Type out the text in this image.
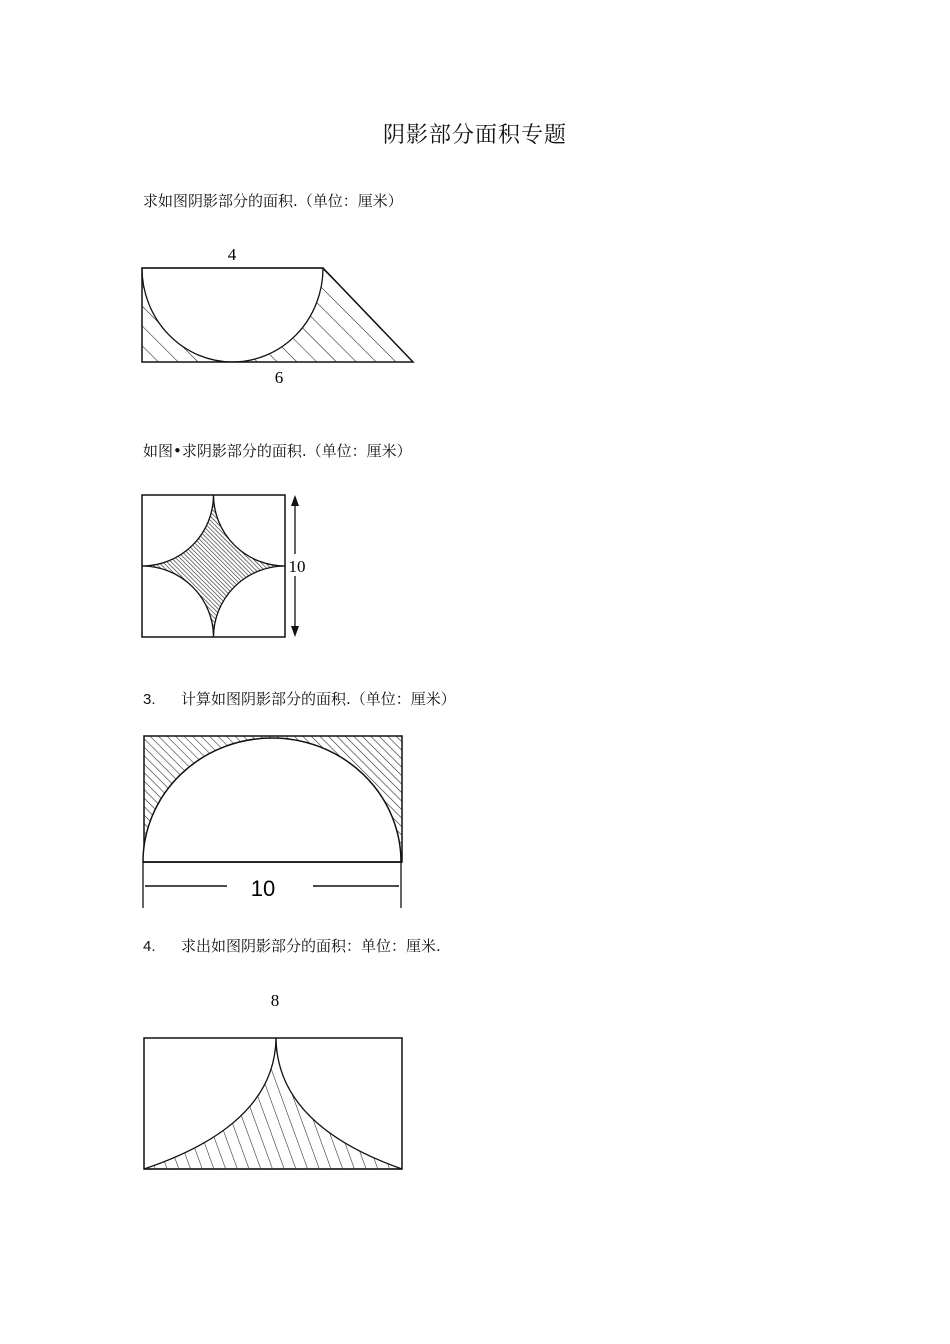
阴影部分面积专题
求如图阴影部分的面积.（单位：厘米）
4
6
如图•求阴影部分的面积.（单位：厘米）
10
3. 计算如图阴影部分的面积.（单位：厘米）
10
4. 求出如图阴影部分的面积：单位：厘米.
8
